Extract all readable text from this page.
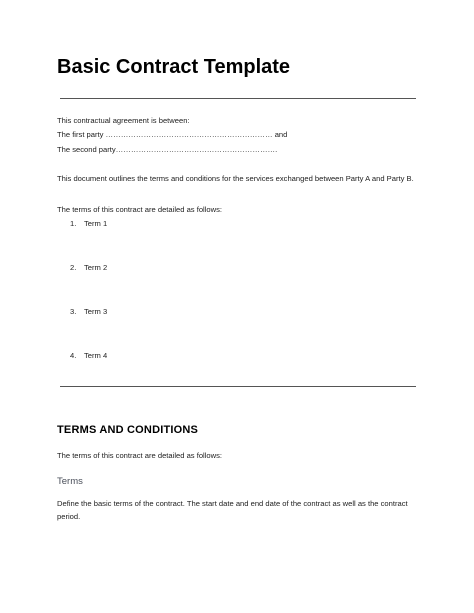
Basic Contract Template
This contractual agreement is between:
The first party ………………………………………………………… and
The second party……………………………………………………….
This document outlines the terms and conditions for the services exchanged between Party A and Party B.
The terms of this contract are detailed as follows:
1.	Term 1
2.	Term 2
3.	Term 3
4.	Term 4
TERMS AND CONDITIONS
The terms of this contract are detailed as follows:
Terms
Define the basic terms of the contract. The start date and end date of the contract as well as the contract period.
